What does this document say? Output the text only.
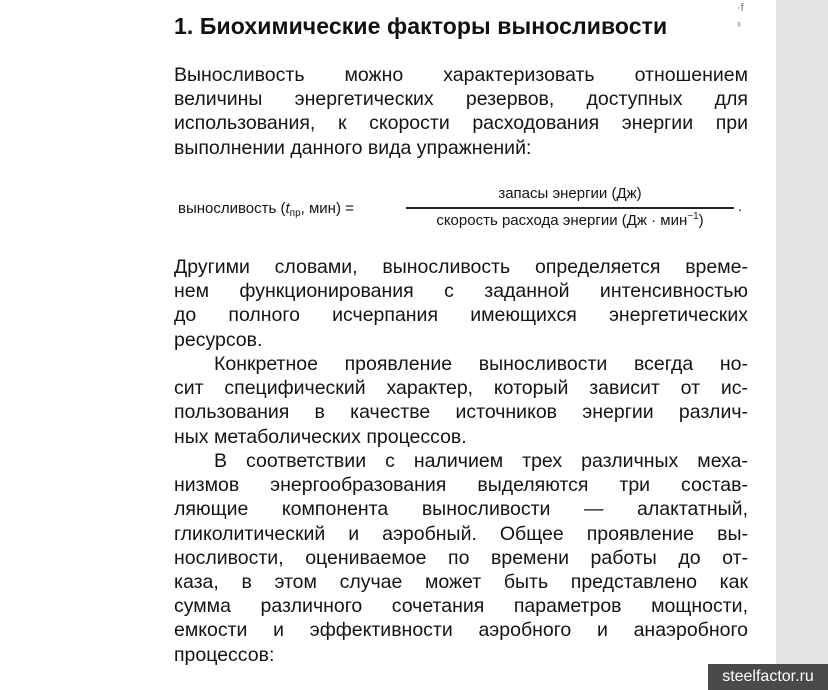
1. Биохимические факторы выносливости
·f
ᵌ
Выносливость можно характеризовать отношением
величины энергетических резервов, доступных для
использования, к скорости расходования энергии при
выполнении данного вида упражнений:
выносливость ($t_{пр}$, мин) =
запасы энергии (Дж)
скорость расхода энергии (Дж · мин$^{-1}$)
.
Другими словами, выносливость определяется време-
нем функционирования с заданной интенсивностью
до полного исчерпания имеющихся энергетических
ресурсов.
Конкретное проявление выносливости всегда но-
сит специфический характер, который зависит от ис-
пользования в качестве источников энергии различ-
ных метаболических процессов.
В соответствии с наличием трех различных меха-
низмов энергообразования выделяются три состав-
ляющие компонента выносливости — алактатный,
гликолитический и аэробный. Общее проявление вы-
носливости, оцениваемое по времени работы до от-
каза, в этом случае может быть представлено как
сумма различного сочетания параметров мощности,
емкости и эффективности аэробного и анаэробного
процессов:
steelfactor.ru
